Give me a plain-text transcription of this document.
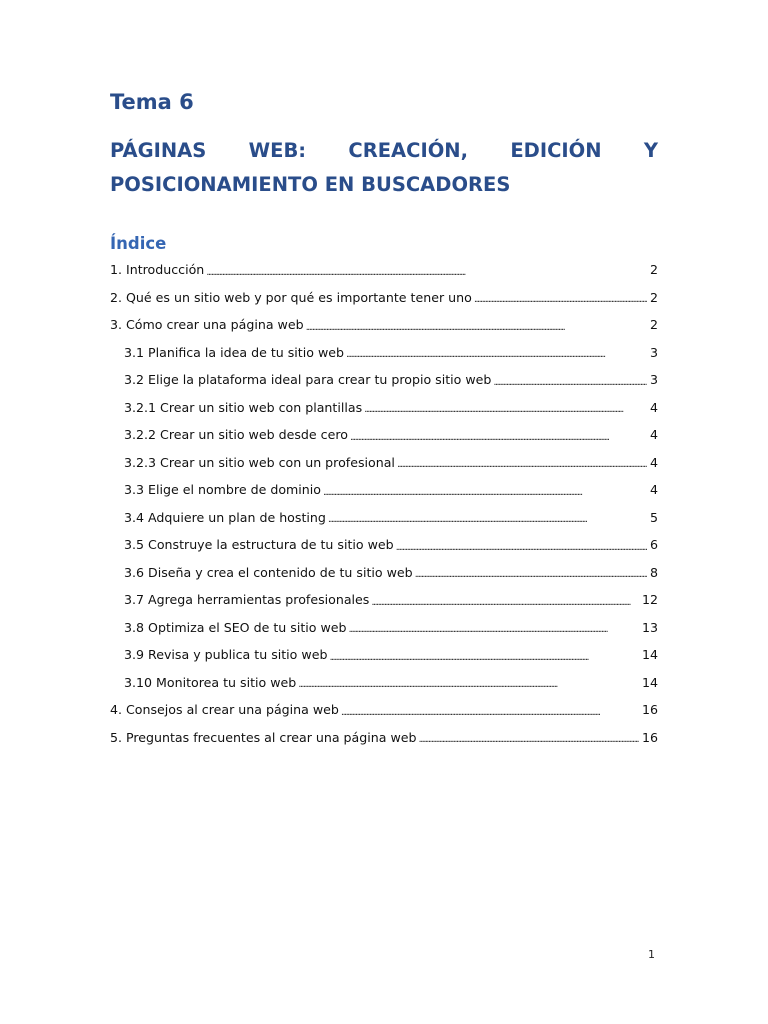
Tema 6
PÁGINAS WEB: CREACIÓN, EDICIÓN Y
POSICIONAMIENTO EN BUSCADORES
Índice
1. Introducción . . .	2
2. Qué es un sitio web y por qué es importante tener uno . . .	2
3. Cómo crear una página web . . .	2
3.1 Planifica la idea de tu sitio web . . .	3
3.2 Elige la plataforma ideal para crear tu propio sitio web . . .	3
3.2.1 Crear un sitio web con plantillas . . .	4
3.2.2 Crear un sitio web desde cero . . .	4
3.2.3 Crear un sitio web con un profesional . . .	4
3.3 Elige el nombre de dominio . . .	4
3.4 Adquiere un plan de hosting . . .	5
3.5 Construye la estructura de tu sitio web . . .	6
3.6 Diseña y crea el contenido de tu sitio web . . .	8
3.7 Agrega herramientas profesionales . . .	12
3.8 Optimiza el SEO de tu sitio web . . .	13
3.9 Revisa y publica tu sitio web . . .	14
3.10 Monitorea tu sitio web . . .	14
4. Consejos al crear una página web . . .	16
5. Preguntas frecuentes al crear una página web . . .	16

1
